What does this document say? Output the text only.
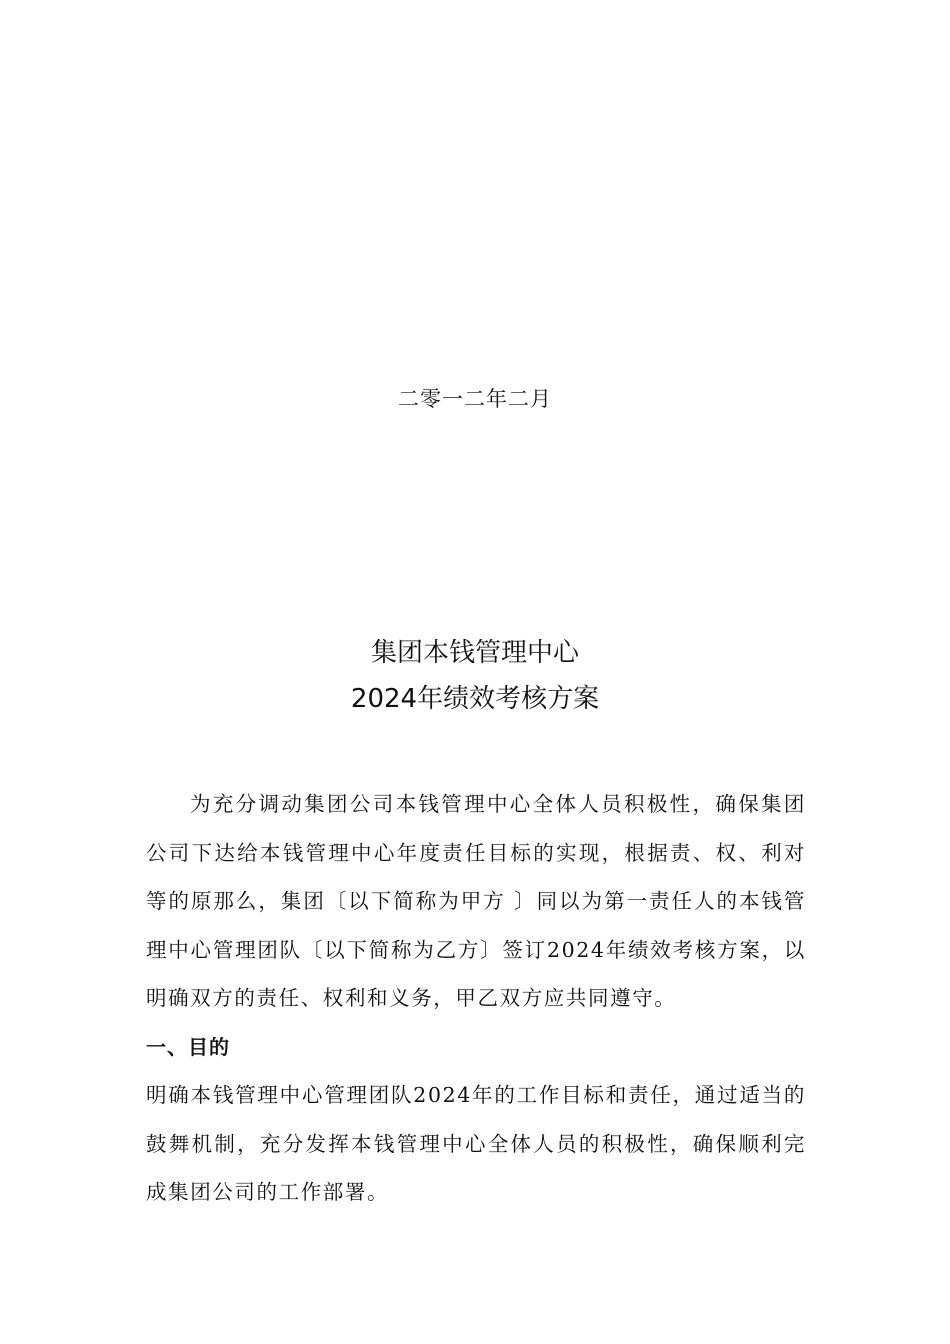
二零一二年二月
集团本钱管理中心
2024年绩效考核方案

为充分调动集团公司本钱管理中心全体人员积极性，确保集团公司下达给本钱管理中心年度责任目标的实现，根据责、权、利对等的原那么，集团〔以下简称为甲方 〕同以为第一责任人的本钱管理中心管理团队〔以下简称为乙方〕签订2024年绩效考核方案，以明确双方的责任、权利和义务，甲乙双方应共同遵守。

一、目的

明确本钱管理中心管理团队2024年的工作目标和责任，通过适当的鼓舞机制，充分发挥本钱管理中心全体人员的积极性，确保顺利完成集团公司的工作部署。
